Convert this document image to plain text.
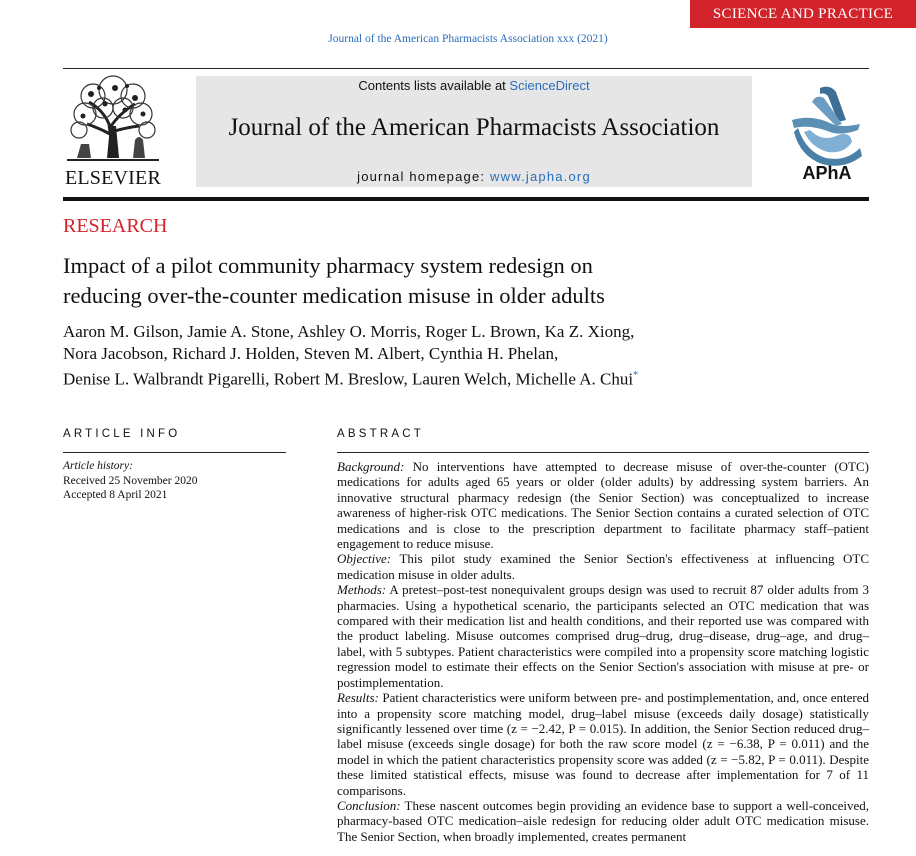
SCIENCE AND PRACTICE
Journal of the American Pharmacists Association xxx (2021)
ELSEVIER
Contents lists available at ScienceDirect
Journal of the American Pharmacists Association
journal homepage: www.japha.org	APhA
RESEARCH
Impact of a pilot community pharmacy system redesign on
reducing over-the-counter medication misuse in older adults
Aaron M. Gilson, Jamie A. Stone, Ashley O. Morris, Roger L. Brown, Ka Z. Xiong,
Nora Jacobson, Richard J. Holden, Steven M. Albert, Cynthia H. Phelan,
Denise L. Walbrandt Pigarelli, Robert M. Breslow, Lauren Welch, Michelle A. Chui*
ARTICLE INFO	ABSTRACT
Article history:
Received 25 November 2020
Accepted 8 April 2021

Background: No interventions have attempted to decrease misuse of over-the-counter (OTC) medications for adults aged 65 years or older (older adults) by addressing system barriers. An innovative structural pharmacy redesign (the Senior Section) was conceptualized to increase awareness of higher-risk OTC medications. The Senior Section contains a curated selection of OTC medications and is close to the prescription department to facilitate pharmacy staff–patient engagement to reduce misuse.

Objective: This pilot study examined the Senior Section's effectiveness at influencing OTC medication misuse in older adults.

Methods: A pretest–post-test nonequivalent groups design was used to recruit 87 older adults from 3 pharmacies. Using a hypothetical scenario, the participants selected an OTC medication that was compared with their medication list and health conditions, and their reported use was compared with the product labeling. Misuse outcomes comprised drug–drug, drug–disease, drug–age, and drug–label, with 5 subtypes. Patient characteristics were compiled into a propensity score matching logistic regression model to estimate their effects on the Senior Section's association with misuse at pre- or postimplementation.

Results: Patient characteristics were uniform between pre- and postimplementation, and, once entered into a propensity score matching model, drug–label misuse (exceeds daily dosage) statistically significantly lessened over time (z = −2.42, P = 0.015). In addition, the Senior Section reduced drug–label misuse (exceeds single dosage) for both the raw score model (z = −6.38, P = 0.011) and the model in which the patient characteristics propensity score was added (z = −5.82, P = 0.011). Despite these limited statistical effects, misuse was found to decrease after implementation for 7 of 11 comparisons.

Conclusion: These nascent outcomes begin providing an evidence base to support a well-conceived, pharmacy-based OTC medication–aisle redesign for reducing older adult OTC medication misuse. The Senior Section, when broadly implemented, creates permanent
